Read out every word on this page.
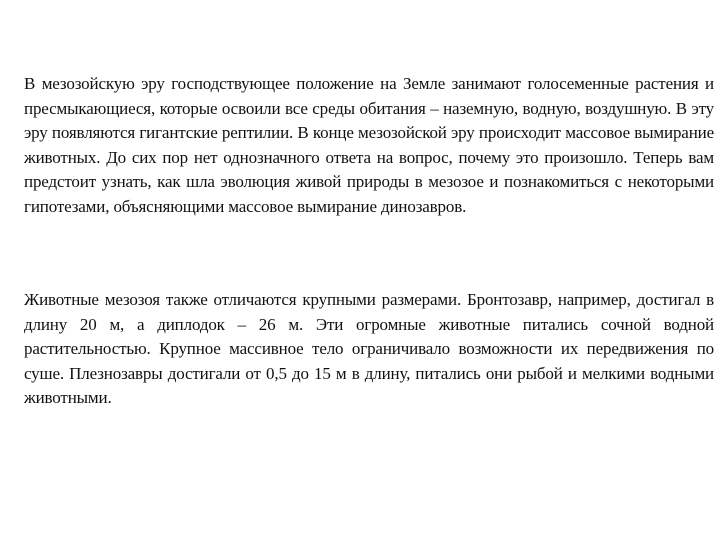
В мезозойскую эру господствующее положение на Земле занимают голосеменные растения и пресмыкающиеся, которые освоили все среды обитания – наземную, водную, воздушную. В эту эру появляются гигантские рептилии. В конце мезозойской эру происходит массовое вымирание животных. До сих пор нет однозначного ответа на вопрос, почему это произошло. Теперь вам предстоит узнать, как шла эволюция живой природы в мезозое и познакомиться с некоторыми гипотезами, объясняющими массовое вымирание динозавров.

Животные мезозоя также отличаются крупными размерами. Бронтозавр, например, достигал в длину 20 м, а диплодок – 26 м. Эти огромные животные питались сочной водной растительностью. Крупное массивное тело ограничивало возможности их передвижения по суше. Плезнозавры достигали от 0,5 до 15 м в длину, питались они рыбой и мелкими водными животными.
